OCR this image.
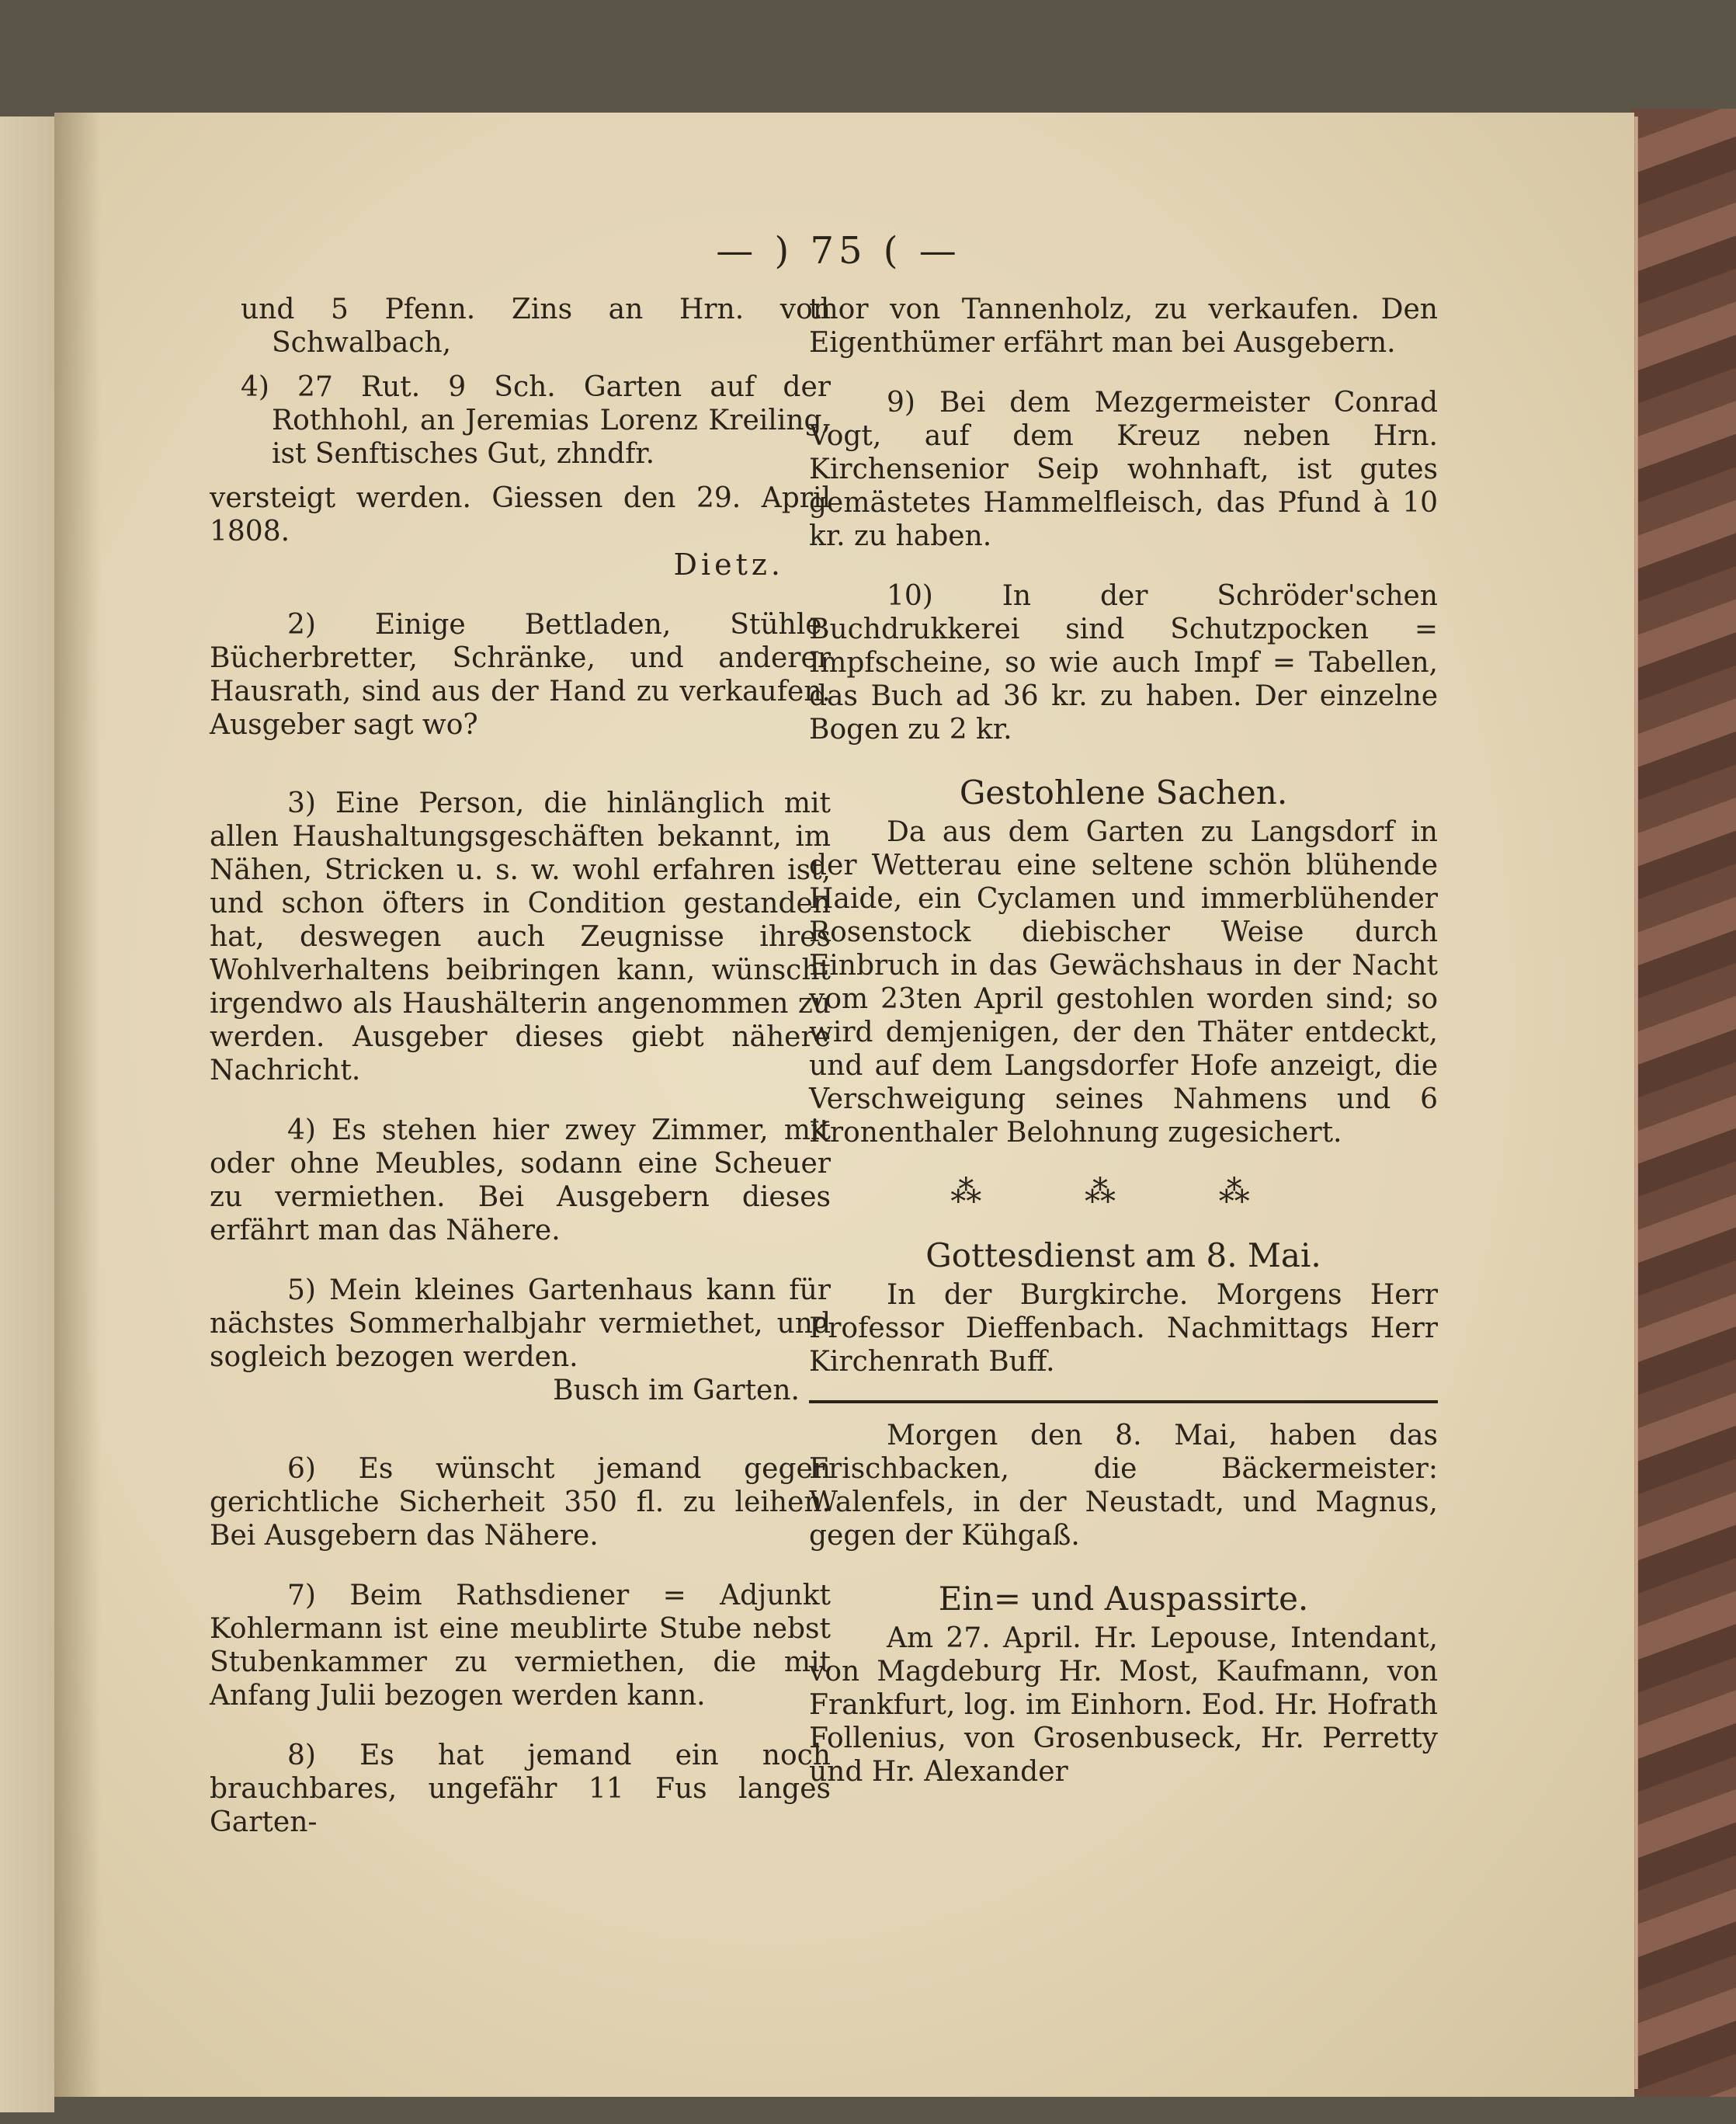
— ) 75 ( —

und 5 Pfenn. Zins an Hrn. von Schwalbach,

4) 27 Rut. 9 Sch. Garten auf der Rothhohl, an Jeremias Lorenz Kreiling, ist Senftisches Gut, zhndfr.

versteigt werden. Giessen den 29. April 1808.

Dietz.

2) Einige Bettladen, Stühle, Bücherbretter, Schränke, und anderer Hausrath, sind aus der Hand zu verkaufen. Ausgeber sagt wo?

3) Eine Person, die hinlänglich mit allen Haushaltungsgeschäften bekannt, im Nähen, Stricken u. s. w. wohl erfahren ist, und schon öfters in Condition gestanden hat, deswegen auch Zeugnisse ihres Wohlverhaltens beibringen kann, wünscht irgendwo als Haushälterin angenommen zu werden. Ausgeber dieses giebt nähere Nachricht.

4) Es stehen hier zwey Zimmer, mit oder ohne Meubles, sodann eine Scheuer zu vermiethen. Bei Ausgebern dieses erfährt man das Nähere.

5) Mein kleines Gartenhaus kann für nächstes Sommerhalbjahr vermiethet, und sogleich bezogen werden.

Busch im Garten.

6) Es wünscht jemand gegen gerichtliche Sicherheit 350 fl. zu leihen. Bei Ausgebern das Nähere.

7) Beim Rathsdiener = Adjunkt Kohlermann ist eine meublirte Stube nebst Stubenkammer zu vermiethen, die mit Anfang Julii bezogen werden kann.

8) Es hat jemand ein noch brauchbares, ungefähr 11 Fus langes Garten-

thor von Tannenholz, zu verkaufen. Den Eigenthümer erfährt man bei Ausgebern.

9) Bei dem Mezgermeister Conrad Vogt, auf dem Kreuz neben Hrn. Kirchensenior Seip wohnhaft, ist gutes gemästetes Hammelfleisch, das Pfund à 10 kr. zu haben.

10) In der Schröder'schen Buchdrukkerei sind Schutzpocken = Impfscheine, so wie auch Impf = Tabellen, das Buch ad 36 kr. zu haben. Der einzelne Bogen zu 2 kr.

Gestohlene Sachen.

Da aus dem Garten zu Langsdorf in der Wetterau eine seltene schön blühende Haide, ein Cyclamen und immerblühender Rosenstock diebischer Weise durch Einbruch in das Gewächshaus in der Nacht vom 23ten April gestohlen worden sind; so wird demjenigen, der den Thäter entdeckt, und auf dem Langsdorfer Hofe anzeigt, die Verschweigung seines Nahmens und 6 Kronenthaler Belohnung zugesichert.

⁂ ⁂ ⁂
Gottesdienst am 8. Mai.

In der Burgkirche. Morgens Herr Professor Dieffenbach. Nachmittags Herr Kirchenrath Buff.

Morgen den 8. Mai, haben das Frischbacken, die Bäckermeister: Walenfels, in der Neustadt, und Magnus, gegen der Kühgaß.

Ein= und Auspassirte.

Am 27. April. Hr. Lepouse, Intendant, von Magdeburg Hr. Most, Kaufmann, von Frankfurt, log. im Einhorn. Eod. Hr. Hofrath Follenius, von Grosenbuseck, Hr. Perretty und Hr. Alexander
